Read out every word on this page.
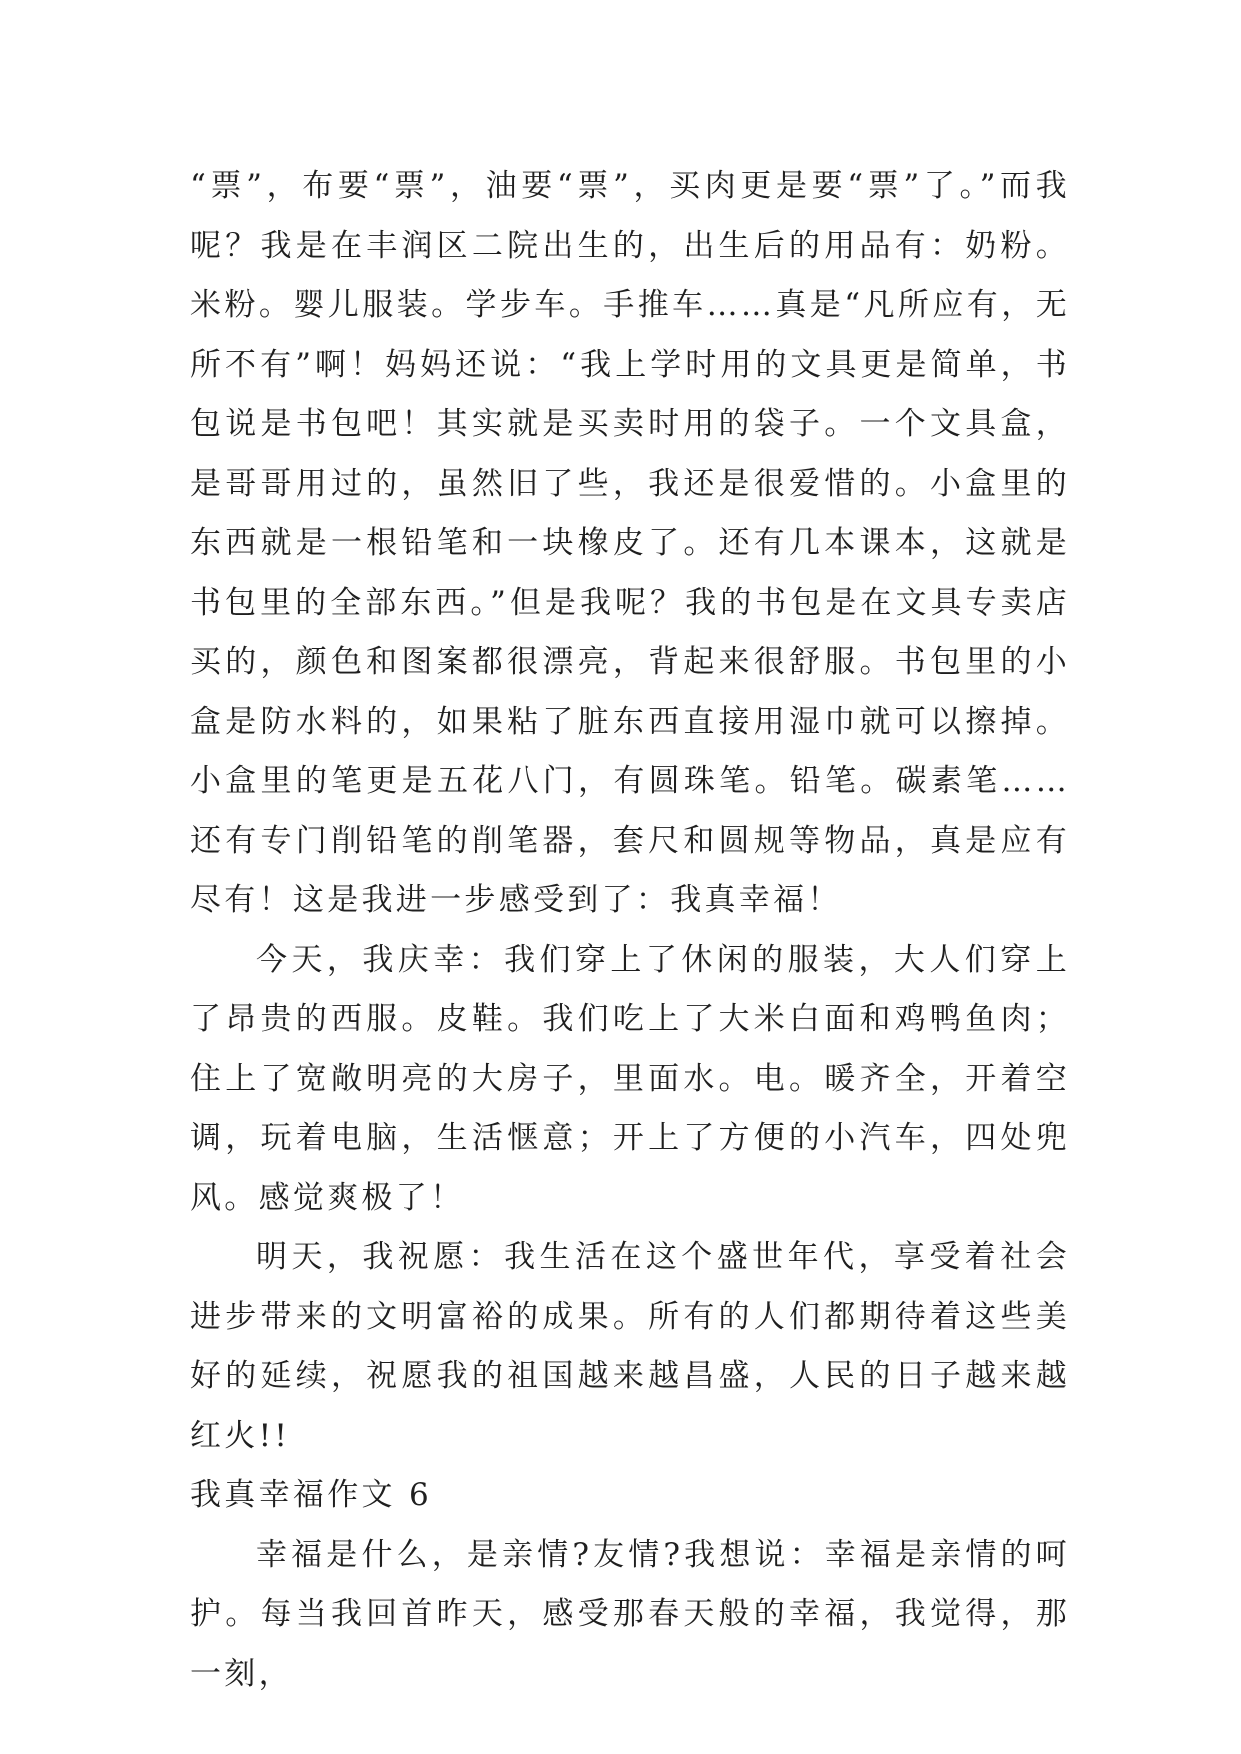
“票”，布要“票”，油要“票”，买肉更是要“票”了。”而我呢？我是在丰润区二院出生的，出生后的用品有：奶粉。米粉。婴儿服装。学步车。手推车……真是“凡所应有，无所不有”啊！妈妈还说：“我上学时用的文具更是简单，书包说是书包吧！其实就是买卖时用的袋子。一个文具盒，是哥哥用过的，虽然旧了些，我还是很爱惜的。小盒里的东西就是一根铅笔和一块橡皮了。还有几本课本，这就是书包里的全部东西。”但是我呢？我的书包是在文具专卖店买的，颜色和图案都很漂亮，背起来很舒服。书包里的小盒是防水料的，如果粘了脏东西直接用湿巾就可以擦掉。小盒里的笔更是五花八门，有圆珠笔。铅笔。碳素笔……还有专门削铅笔的削笔器，套尺和圆规等物品，真是应有尽有！这是我进一步感受到了：我真幸福！

今天，我庆幸：我们穿上了休闲的服装，大人们穿上了昂贵的西服。皮鞋。我们吃上了大米白面和鸡鸭鱼肉；住上了宽敞明亮的大房子，里面水。电。暖齐全，开着空调，玩着电脑，生活惬意；开上了方便的小汽车，四处兜风。感觉爽极了！

明天，我祝愿：我生活在这个盛世年代，享受着社会进步带来的文明富裕的成果。所有的人们都期待着这些美好的延续，祝愿我的祖国越来越昌盛，人民的日子越来越红火!!

我真幸福作文 6

幸福是什么，是亲情?友情?我想说：幸福是亲情的呵护。每当我回首昨天，感受那春天般的幸福，我觉得，那一刻，
